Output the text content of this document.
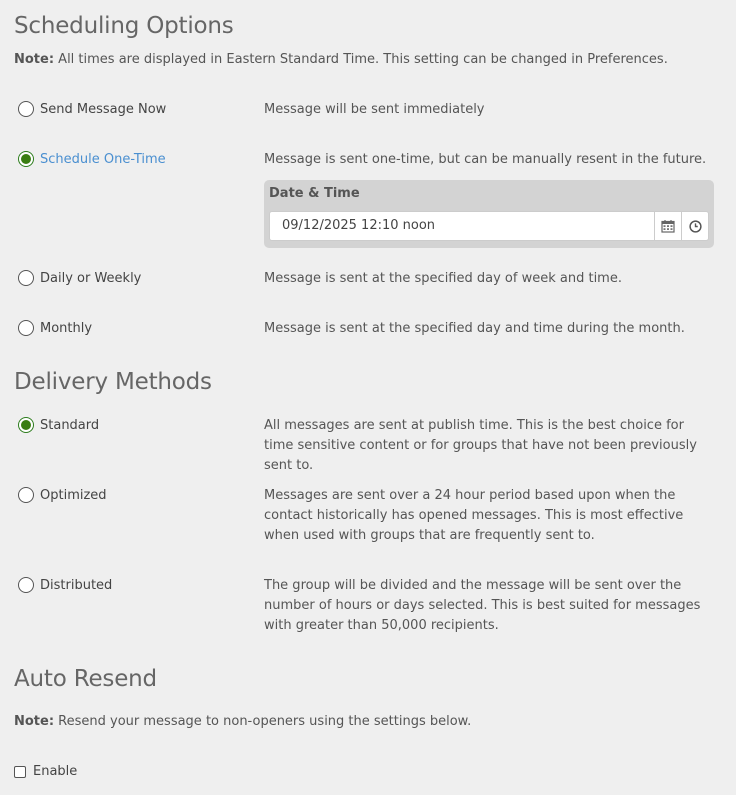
Scheduling Options
Note: All times are displayed in Eastern Standard Time. This setting can be changed in Preferences.
Send Message Now	Message will be sent immediately
Schedule One-Time	Message is sent one-time, but can be manually resent in the future.
Date & Time
09/12/2025 12:10 noon
Daily or Weekly	Message is sent at the specified day of week and time.
Monthly	Message is sent at the specified day and time during the month.
Delivery Methods
Standard	All messages are sent at publish time. This is the best choice for time sensitive content or for groups that have not been previously sent to.
Optimized	Messages are sent over a 24 hour period based upon when the contact historically has opened messages. This is most effective when used with groups that are frequently sent to.
Distributed	The group will be divided and the message will be sent over the number of hours or days selected. This is best suited for messages with greater than 50,000 recipients.
Auto Resend
Note: Resend your message to non-openers using the settings below.
Enable
